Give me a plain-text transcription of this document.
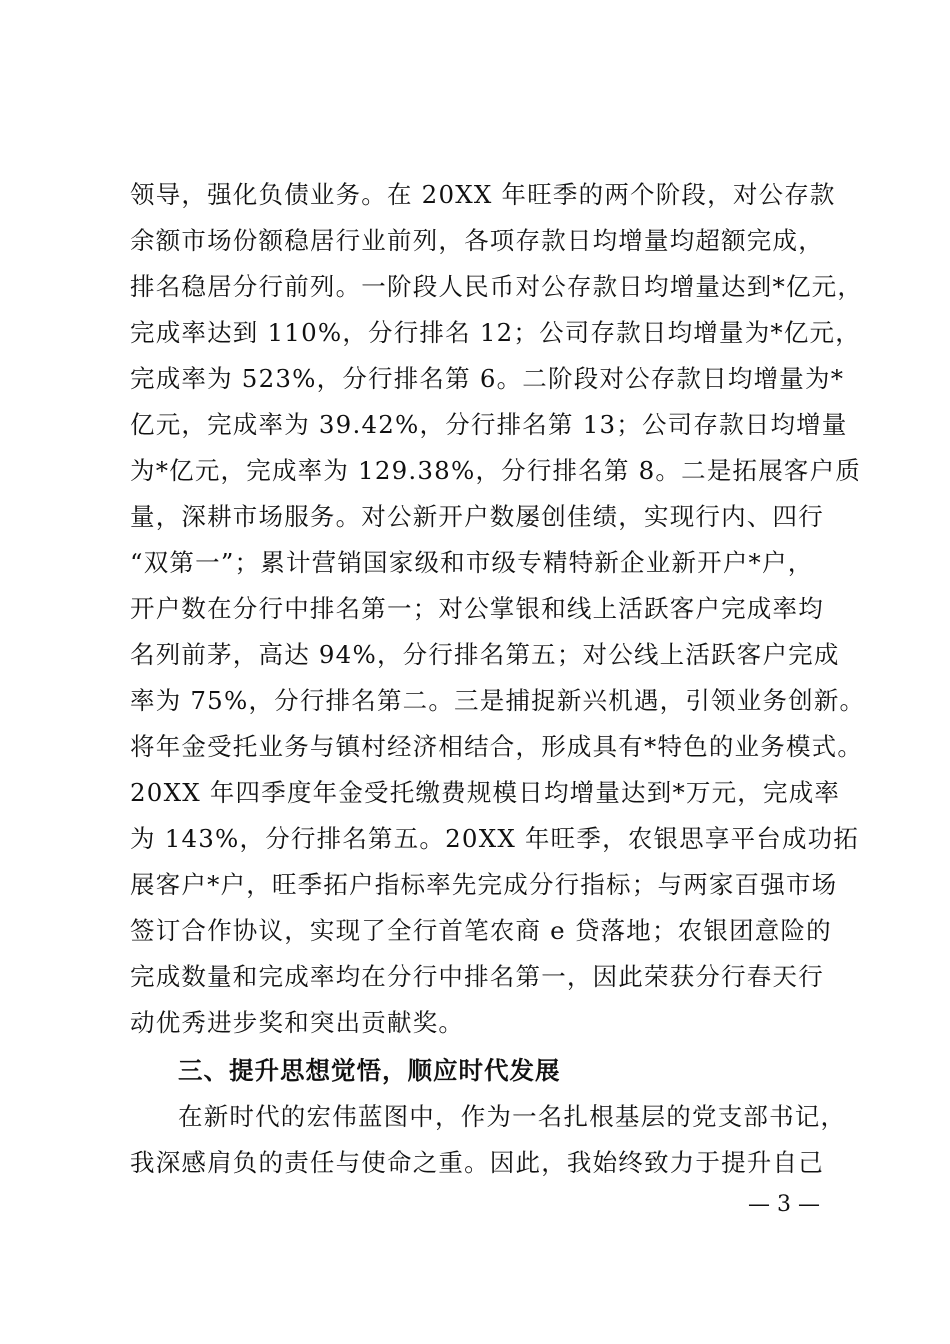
领导，强化负债业务。在 20XX 年旺季的两个阶段，对公存款
余额市场份额稳居行业前列，各项存款日均增量均超额完成，
排名稳居分行前列。一阶段人民币对公存款日均增量达到*亿元，
完成率达到 110%，分行排名 12；公司存款日均增量为*亿元，
完成率为 523%，分行排名第 6。二阶段对公存款日均增量为*
亿元，完成率为 39.42%，分行排名第 13；公司存款日均增量
为*亿元，完成率为 129.38%，分行排名第 8。二是拓展客户质
量，深耕市场服务。对公新开户数屡创佳绩，实现行内、四行
“双第一”；累计营销国家级和市级专精特新企业新开户*户，
开户数在分行中排名第一；对公掌银和线上活跃客户完成率均
名列前茅，高达 94%，分行排名第五；对公线上活跃客户完成
率为 75%，分行排名第二。三是捕捉新兴机遇，引领业务创新。
将年金受托业务与镇村经济相结合，形成具有*特色的业务模式。
20XX 年四季度年金受托缴费规模日均增量达到*万元，完成率
为 143%，分行排名第五。20XX 年旺季，农银思享平台成功拓
展客户*户，旺季拓户指标率先完成分行指标；与两家百强市场
签订合作协议，实现了全行首笔农商 e 贷落地；农银团意险的
完成数量和完成率均在分行中排名第一，因此荣获分行春天行
动优秀进步奖和突出贡献奖。
三、提升思想觉悟，顺应时代发展
在新时代的宏伟蓝图中，作为一名扎根基层的党支部书记，
我深感肩负的责任与使命之重。因此，我始终致力于提升自己
— 3 —
